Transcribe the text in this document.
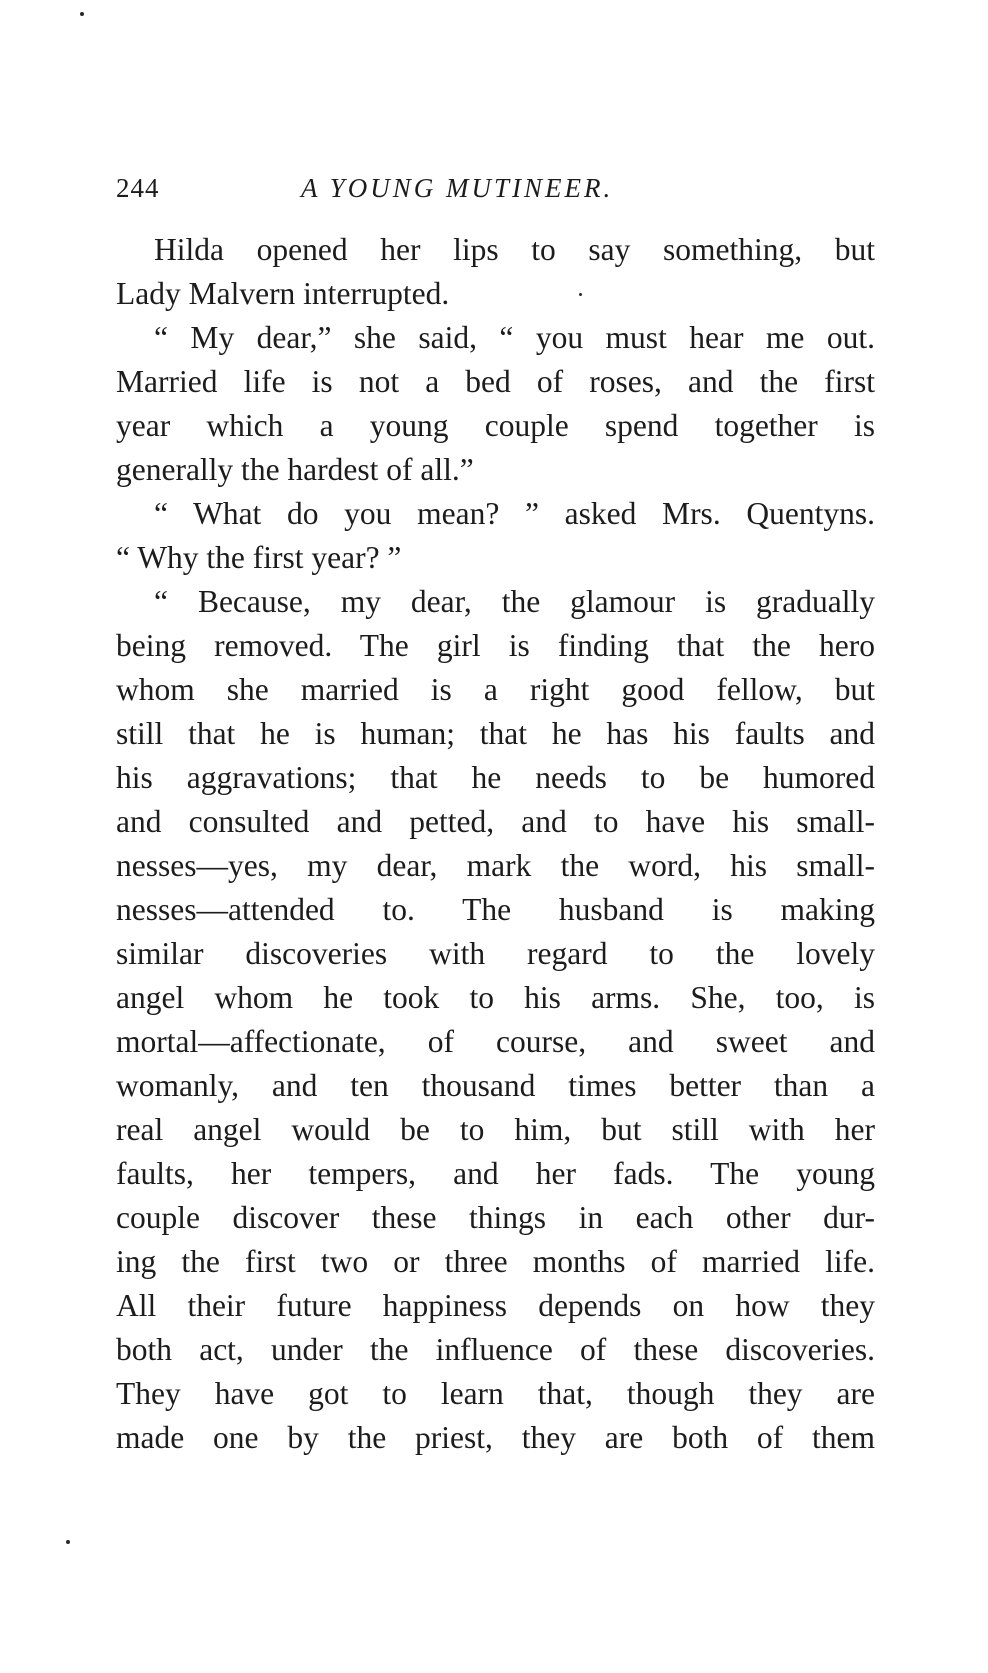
244	A YOUNG MUTINEER.
Hilda opened her lips to say something, but
Lady Malvern interrupted.
“ My dear,” she said, “ you must hear me out.
Married life is not a bed of roses, and the first
year which a young couple spend together is
generally the hardest of all.”
“ What do you mean? ” asked Mrs. Quentyns.
“ Why the first year? ”
“ Because, my dear, the glamour is gradually
being removed. The girl is finding that the hero
whom she married is a right good fellow, but
still that he is human; that he has his faults and
his aggravations; that he needs to be humored
and consulted and petted, and to have his small-
nesses—yes, my dear, mark the word, his small-
nesses—attended to. The husband is making
similar discoveries with regard to the lovely
angel whom he took to his arms. She, too, is
mortal—affectionate, of course, and sweet and
womanly, and ten thousand times better than a
real angel would be to him, but still with her
faults, her tempers, and her fads. The young
couple discover these things in each other dur-
ing the first two or three months of married life.
All their future happiness depends on how they
both act, under the influence of these discoveries.
They have got to learn that, though they are
made one by the priest, they are both of them
